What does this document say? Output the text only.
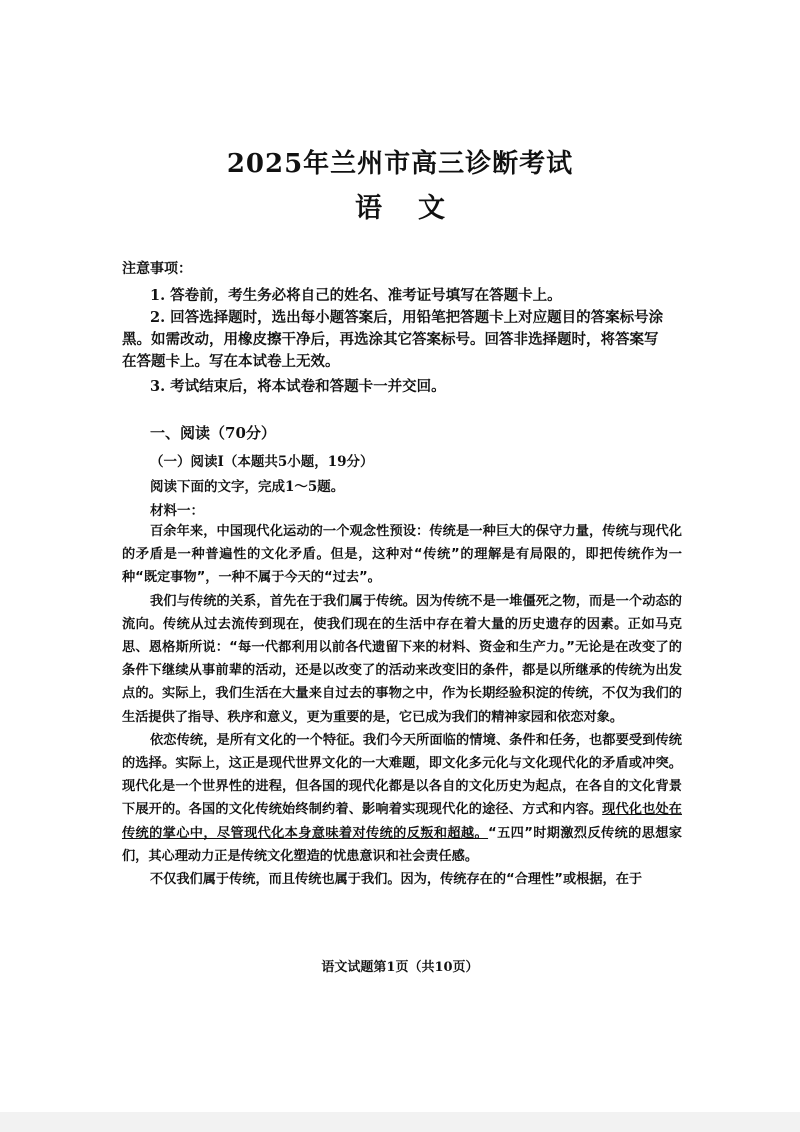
2025年兰州市高三诊断考试
语文
注意事项：

1. 答卷前，考生务必将自己的姓名、准考证号填写在答题卡上。

2. 回答选择题时，选出每小题答案后，用铅笔把答题卡上对应题目的答案标号涂黑。如需改动，用橡皮擦干净后，再选涂其它答案标号。回答非选择题时，将答案写在答题卡上。写在本试卷上无效。

3. 考试结束后，将本试卷和答题卡一并交回。

一、阅读（70分）
（一）阅读Ⅰ（本题共5小题，19分）
阅读下面的文字，完成1～5题。
材料一：

百余年来，中国现代化运动的一个观念性预设：传统是一种巨大的保守力量，传统与现代化的矛盾是一种普遍性的文化矛盾。但是，这种对“传统”的理解是有局限的，即把传统作为一种“既定事物”，一种不属于今天的“过去”。

我们与传统的关系，首先在于我们属于传统。因为传统不是一堆僵死之物，而是一个动态的流向。传统从过去流传到现在，使我们现在的生活中存在着大量的历史遗存的因素。正如马克思、恩格斯所说：“每一代都利用以前各代遗留下来的材料、资金和生产力。”无论是在改变了的条件下继续从事前辈的活动，还是以改变了的活动来改变旧的条件，都是以所继承的传统为出发点的。实际上，我们生活在大量来自过去的事物之中，作为长期经验积淀的传统，不仅为我们的生活提供了指导、秩序和意义，更为重要的是，它已成为我们的精神家园和依恋对象。

依恋传统，是所有文化的一个特征。我们今天所面临的情境、条件和任务，也都要受到传统的选择。实际上，这正是现代世界文化的一大难题，即文化多元化与文化现代化的矛盾或冲突。现代化是一个世界性的进程，但各国的现代化都是以各自的文化历史为起点，在各自的文化背景下展开的。各国的文化传统始终制约着、影响着实现现代化的途径、方式和内容。现代化也处在传统的掌心中，尽管现代化本身意味着对传统的反叛和超越。“五四”时期激烈反传统的思想家们，其心理动力正是传统文化塑造的忧患意识和社会责任感。

不仅我们属于传统，而且传统也属于我们。因为，传统存在的“合理性”或根据，在于

语文试题第1页（共10页）
